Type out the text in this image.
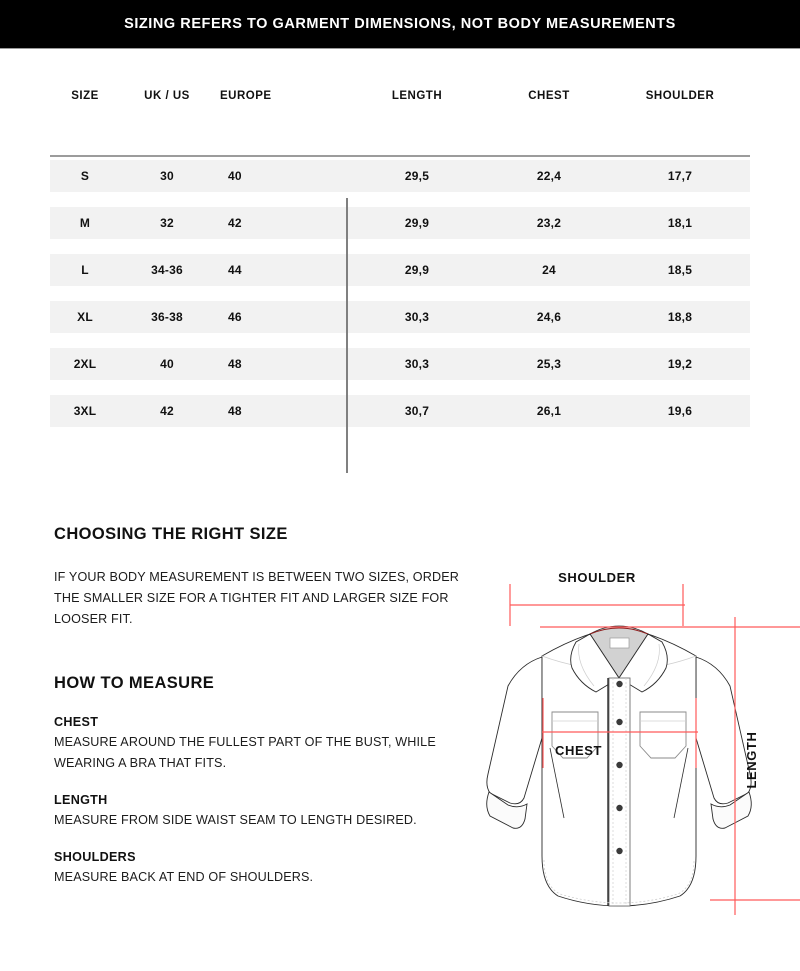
SIZING REFERS TO GARMENT DIMENSIONS, NOT BODY MEASUREMENTS
SIZE	UK / US	EUROPE	LENGTH	CHEST	SHOULDER
S	30	40	29,5	22,4	17,7

M	32	42	29,9	23,2	18,1

L	34-36	44	29,9	24	18,5

XL	36-38	46	30,3	24,6	18,8

2XL	40	48	30,3	25,3	19,2

3XL	42	48	30,7	26,1	19,6
CHOOSING THE RIGHT SIZE
IF YOUR BODY MEASUREMENT IS BETWEEN TWO SIZES, ORDER THE SMALLER SIZE FOR A TIGHTER FIT AND LARGER SIZE FOR LOOSER FIT.
HOW TO MEASURE
CHEST
MEASURE AROUND THE FULLEST PART OF THE BUST, WHILE WEARING A BRA THAT FITS.
LENGTH
MEASURE FROM SIDE WAIST SEAM TO LENGTH DESIRED.
SHOULDERS
MEASURE BACK AT END OF SHOULDERS.
SHOULDER
CHEST	LENGTH
